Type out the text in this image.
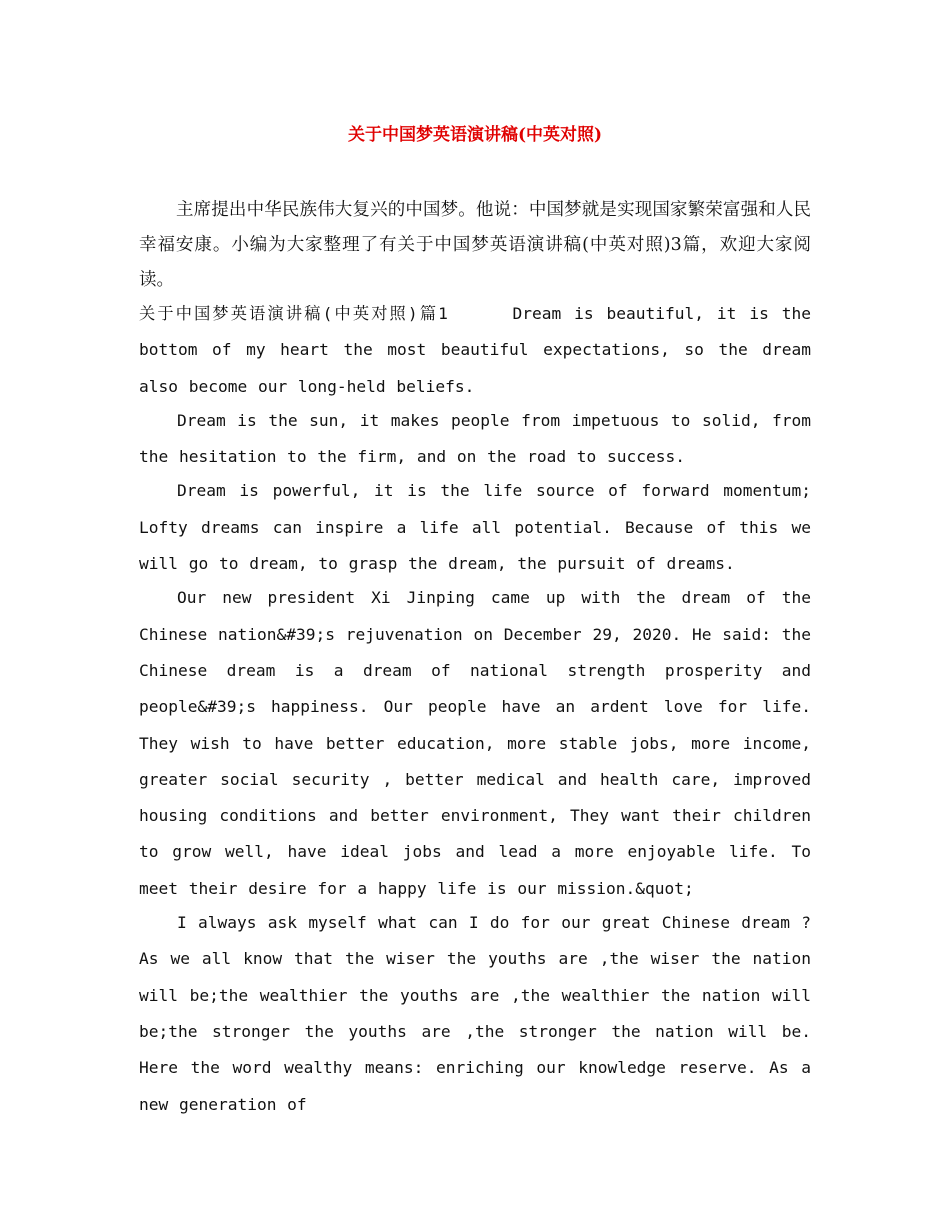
关于中国梦英语演讲稿(中英对照)
主席提出中华民族伟大复兴的中国梦。他说：中国梦就是实现国家繁荣富强和人民幸福安康。小编为大家整理了有关于中国梦英语演讲稿(中英对照)3篇，欢迎大家阅读。

关于中国梦英语演讲稿(中英对照)篇1	Dream is beautiful, it is the bottom of my heart the most beautiful expectations, so the dream also become our long-held beliefs.

Dream is the sun, it makes people from impetuous to solid, from the hesitation to the firm, and on the road to success.

Dream is powerful, it is the life source of forward momentum; Lofty dreams can inspire a life all potential. Because of this we will go to dream, to grasp the dream, the pursuit of dreams.

Our new president Xi Jinping came up with the dream of the Chinese nation&#39;s rejuvenation on December 29, 2020. He said: the Chinese dream is a dream of national strength prosperity and people&#39;s happiness. Our people have an ardent love for life. They wish to have better education, more stable jobs, more income, greater social security , better medical and health care, improved housing conditions and better environment, They want their children to grow well, have ideal jobs and lead a more enjoyable life. To meet their desire for a happy life is our mission.&quot;

I always ask myself what can I do for our great Chinese dream ? As we all know that the wiser the youths are ,the wiser the nation will be;the wealthier the youths are ,the wealthier the nation will be;the stronger the youths are ,the stronger the nation will be. Here the word wealthy means: enriching our knowledge reserve. As a new generation of
